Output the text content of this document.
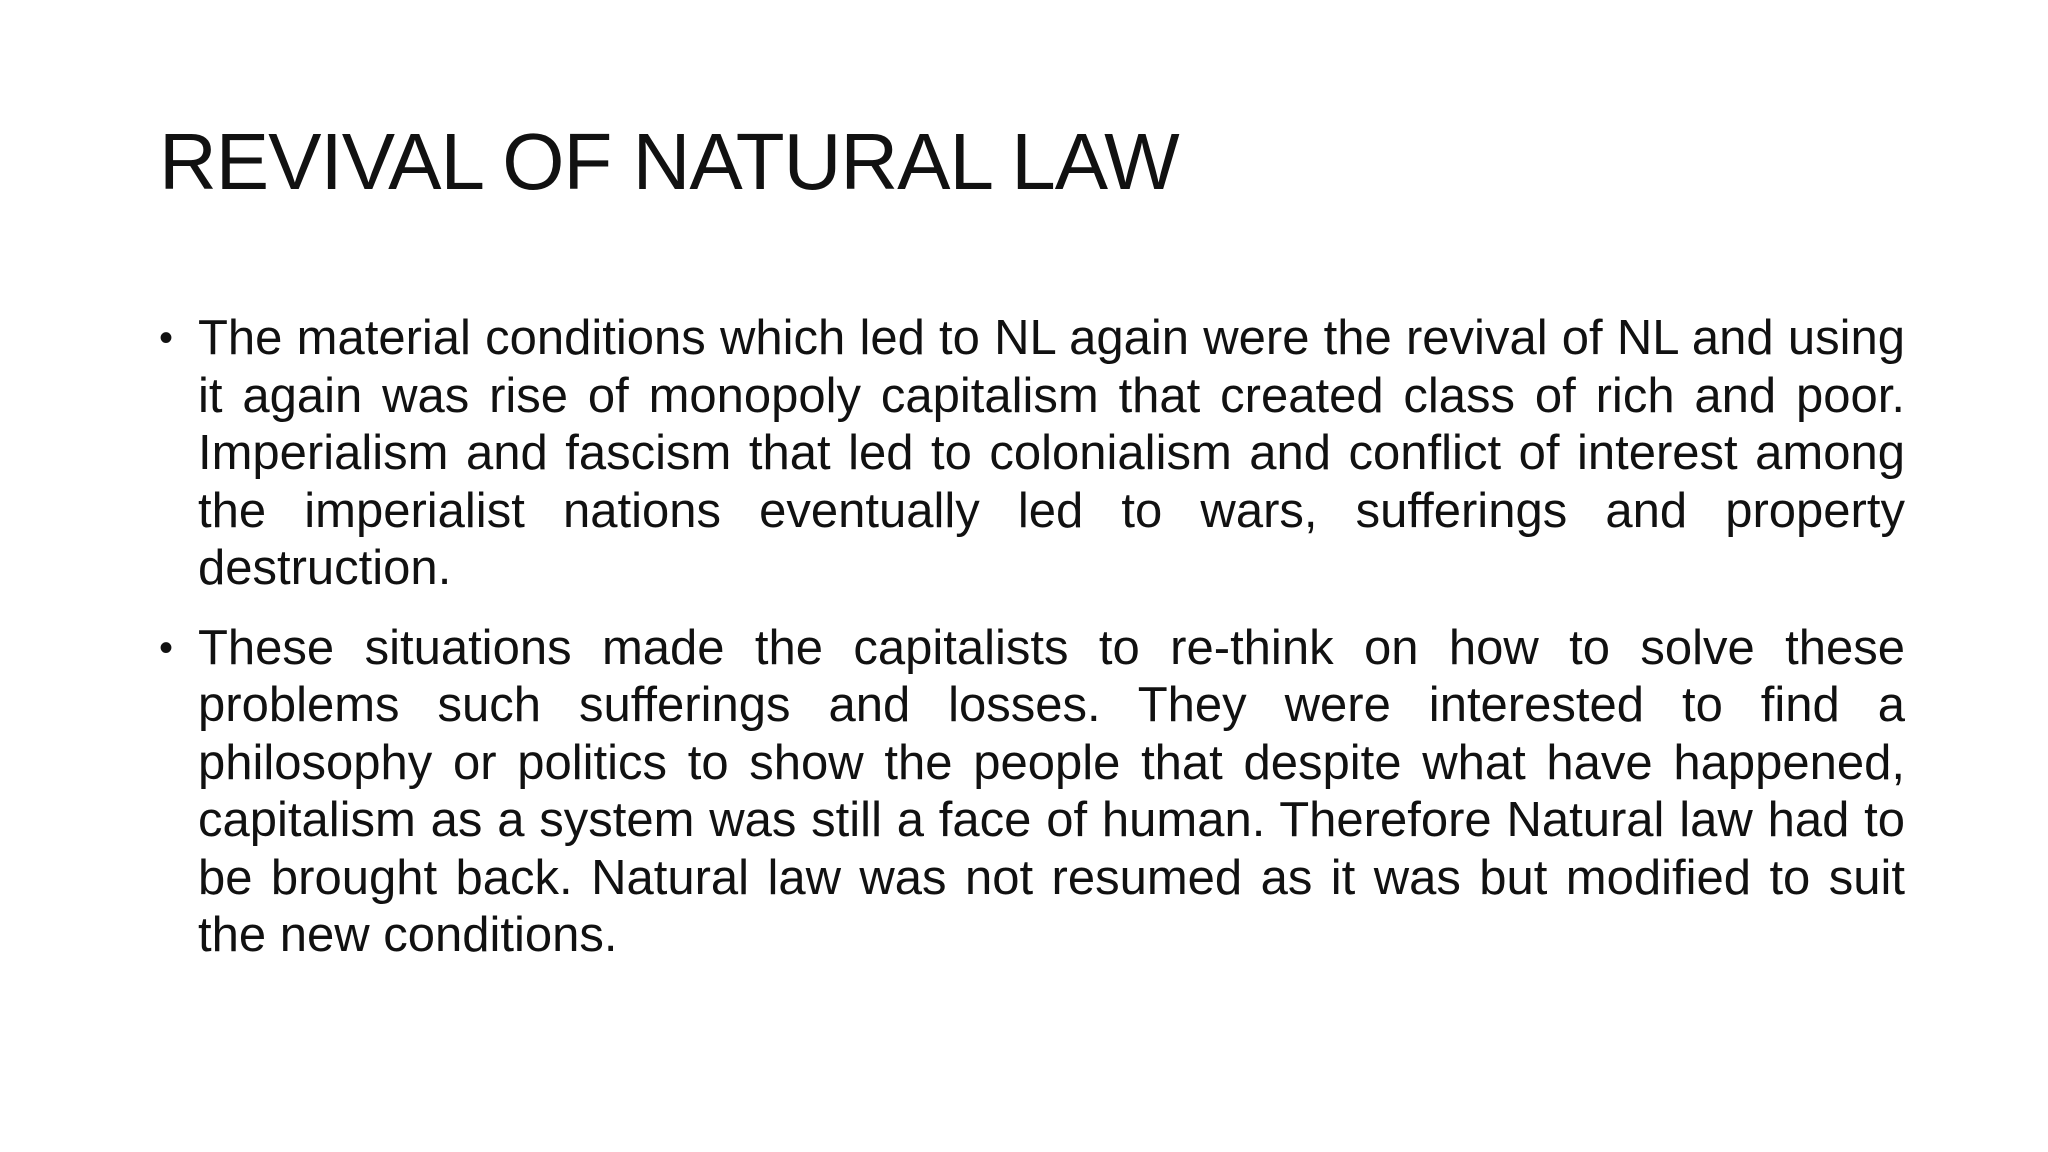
REVIVAL OF NATURAL LAW
• The material conditions which led to NL again were the revival of NL and using it again was rise of monopoly capitalism that created class of rich and poor. Imperialism and fascism that led to colonialism and conflict of interest among the imperialist nations eventually led to wars, sufferings and property destruction.
• These situations made the capitalists to re-think on how to solve these problems such sufferings and losses. They were interested to find a philosophy or politics to show the people that despite what have happened, capitalism as a system was still a face of human. Therefore Natural law had to be brought back. Natural law was not resumed as it was but modified to suit the new conditions.
